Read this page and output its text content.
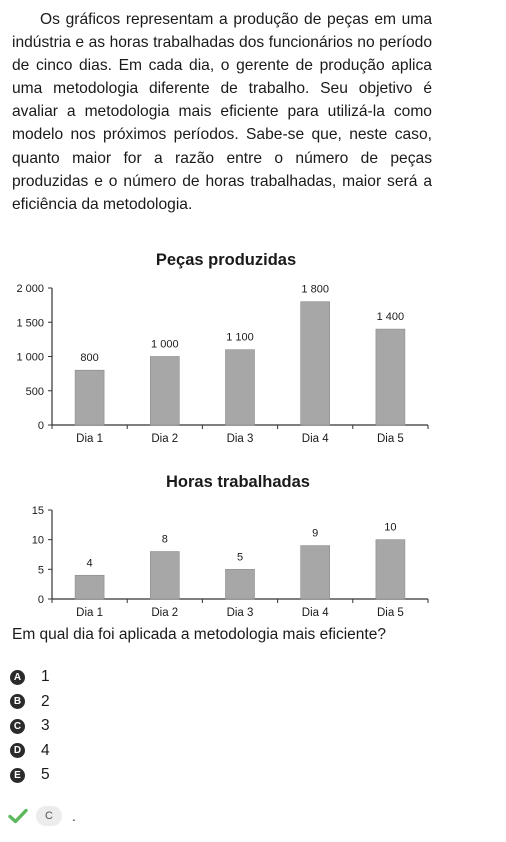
Os gráficos representam a produção de peças em uma indústria e as horas trabalhadas dos funcionários no período de cinco dias. Em cada dia, o gerente de produção aplica uma metodologia diferente de trabalho. Seu objetivo é avaliar a metodologia mais eficiente para utilizá-la como modelo nos próximos períodos. Sabe-se que, neste caso, quanto maior for a razão entre o número de peças produzidas e o número de horas trabalhadas, maior será a eficiência da metodologia.

Peças produzidas
0
500
1 000
1 500
2 000
800
Dia 1
1 000
Dia 2
1 100
Dia 3
1 800
Dia 4
1 400
Dia 5
Horas trabalhadas
0
5
10
15
4
Dia 1
8
Dia 2
5
Dia 3
9
Dia 4
10
Dia 5

Em qual dia foi aplicada a metodologia mais eficiente?

A 1
B 2
C 3
D 4
E 5
C	.
